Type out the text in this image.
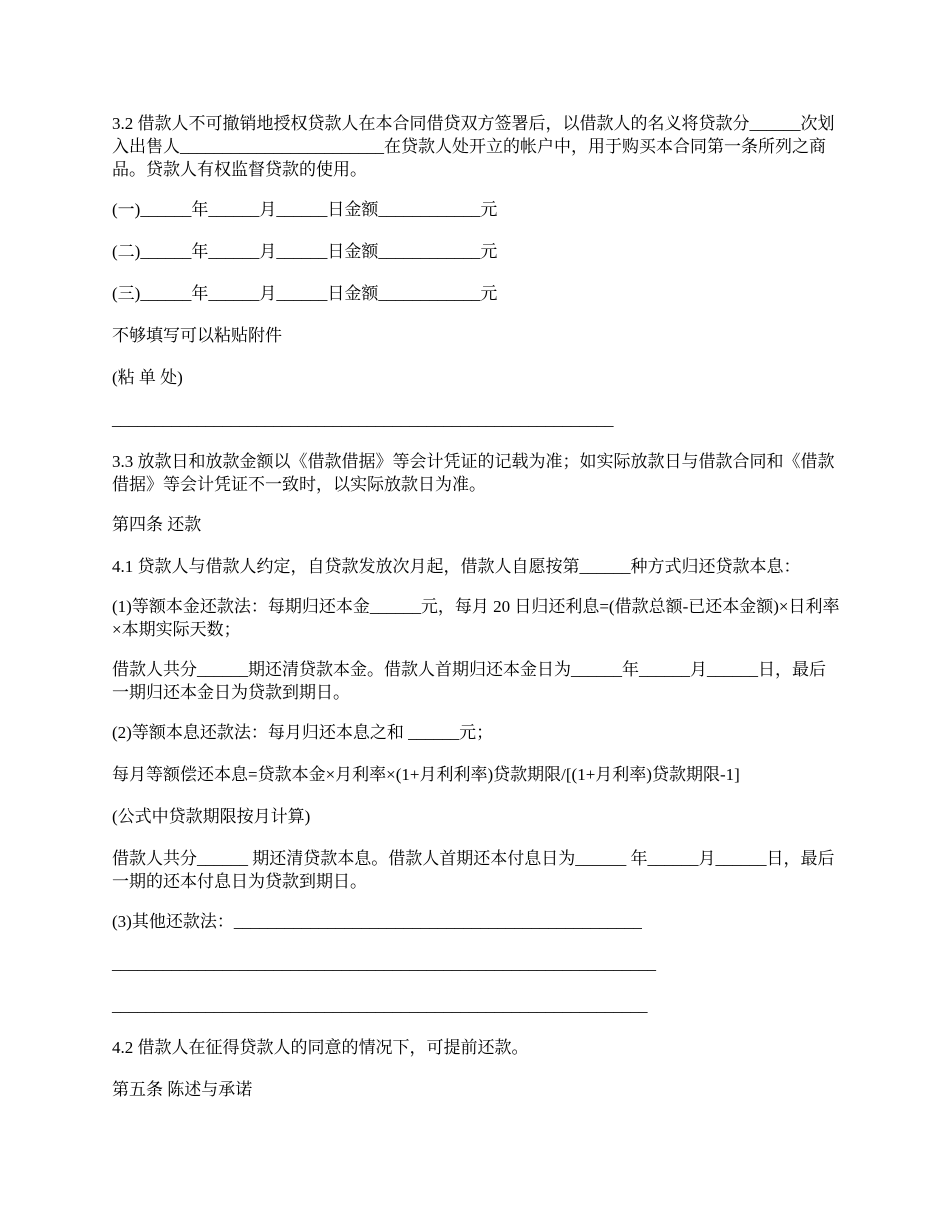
3.2 借款人不可撤销地授权贷款人在本合同借贷双方签署后，以借款人的名义将贷款分______次划入出售人________________________在贷款人处开立的帐户中，用于购买本合同第一条所列之商品。贷款人有权监督贷款的使用。

(一)______年______月______日金额____________元

(二)______年______月______日金额____________元

(三)______年______月______日金额____________元

不够填写可以粘贴附件

(粘 单 处)

___________________________________________________________

3.3 放款日和放款金额以《借款借据》等会计凭证的记载为准；如实际放款日与借款合同和《借款借据》等会计凭证不一致时，以实际放款日为准。

第四条 还款

4.1 贷款人与借款人约定，自贷款发放次月起，借款人自愿按第______种方式归还贷款本息：

(1)等额本金还款法：每期归还本金______元，每月 20 日归还利息=(借款总额-已还本金额)×日利率×本期实际天数；

借款人共分______期还清贷款本金。借款人首期归还本金日为______年______月______日，最后一期归还本金日为贷款到期日。

(2)等额本息还款法：每月归还本息之和 ______元；

每月等额偿还本息=贷款本金×月利率×(1+月利利率)贷款期限/[(1+月利率)贷款期限-1]

(公式中贷款期限按月计算)

借款人共分______ 期还清贷款本息。借款人首期还本付息日为______ 年______月______日，最后一期的还本付息日为贷款到期日。

(3)其他还款法：________________________________________________

________________________________________________________________

_______________________________________________________________

4.2 借款人在征得贷款人的同意的情况下，可提前还款。

第五条 陈述与承诺
